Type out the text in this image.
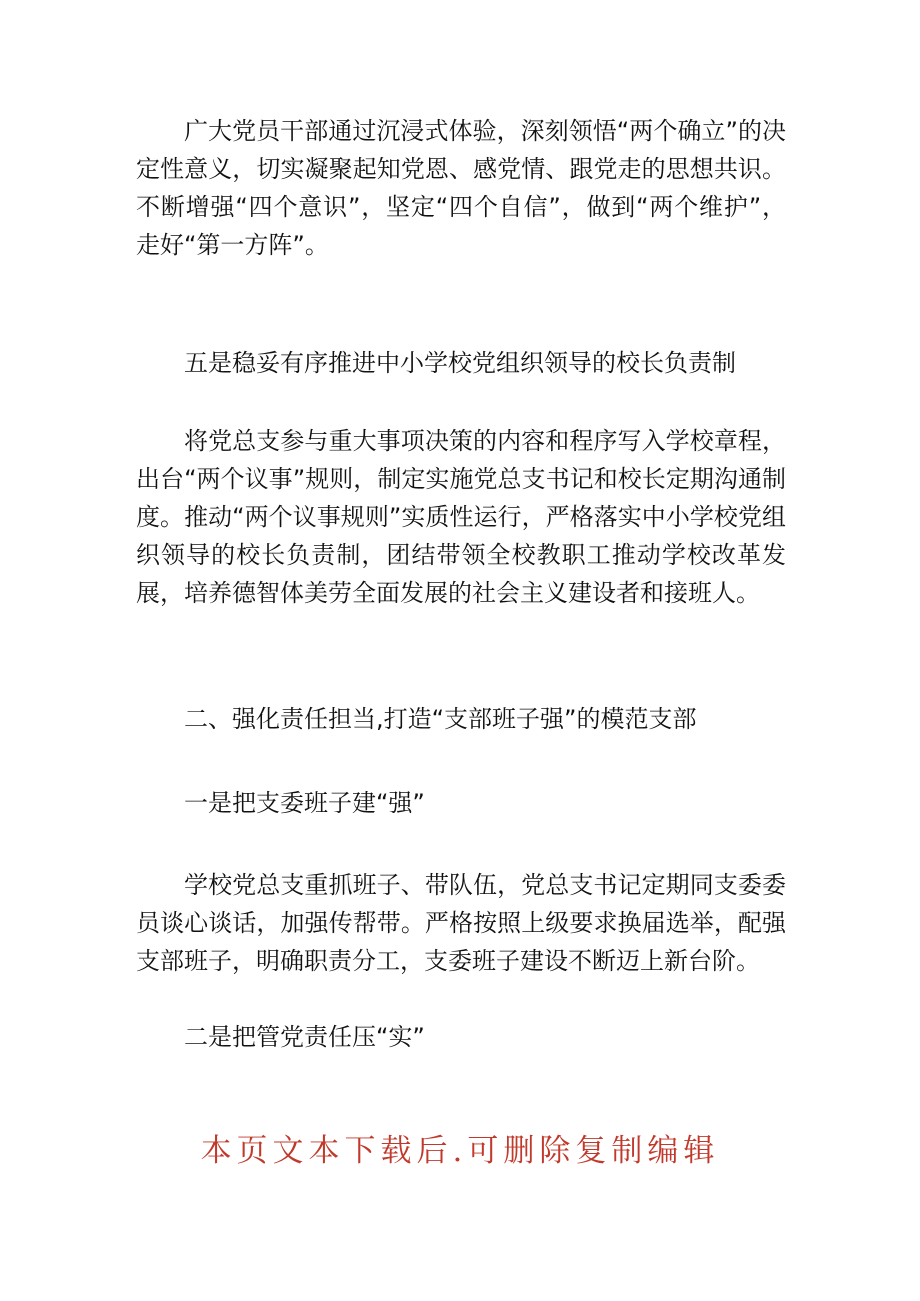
广大党员干部通过沉浸式体验，深刻领悟“两个确立”的决定性意义，切实凝聚起知党恩、感党情、跟党走的思想共识。不断增强“四个意识”，坚定“四个自信”，做到“两个维护”，走好“第一方阵”。

五是稳妥有序推进中小学校党组织领导的校长负责制

将党总支参与重大事项决策的内容和程序写入学校章程，出台“两个议事”规则，制定实施党总支书记和校长定期沟通制度。推动“两个议事规则”实质性运行，严格落实中小学校党组织领导的校长负责制，团结带领全校教职工推动学校改革发展，培养德智体美劳全面发展的社会主义建设者和接班人。

二、强化责任担当,打造“支部班子强”的模范支部

一是把支委班子建“强”

学校党总支重抓班子、带队伍，党总支书记定期同支委委员谈心谈话，加强传帮带。严格按照上级要求换届选举，配强支部班子，明确职责分工，支委班子建设不断迈上新台阶。

二是把管党责任压“实”

本页文本下载后.可删除复制编辑
